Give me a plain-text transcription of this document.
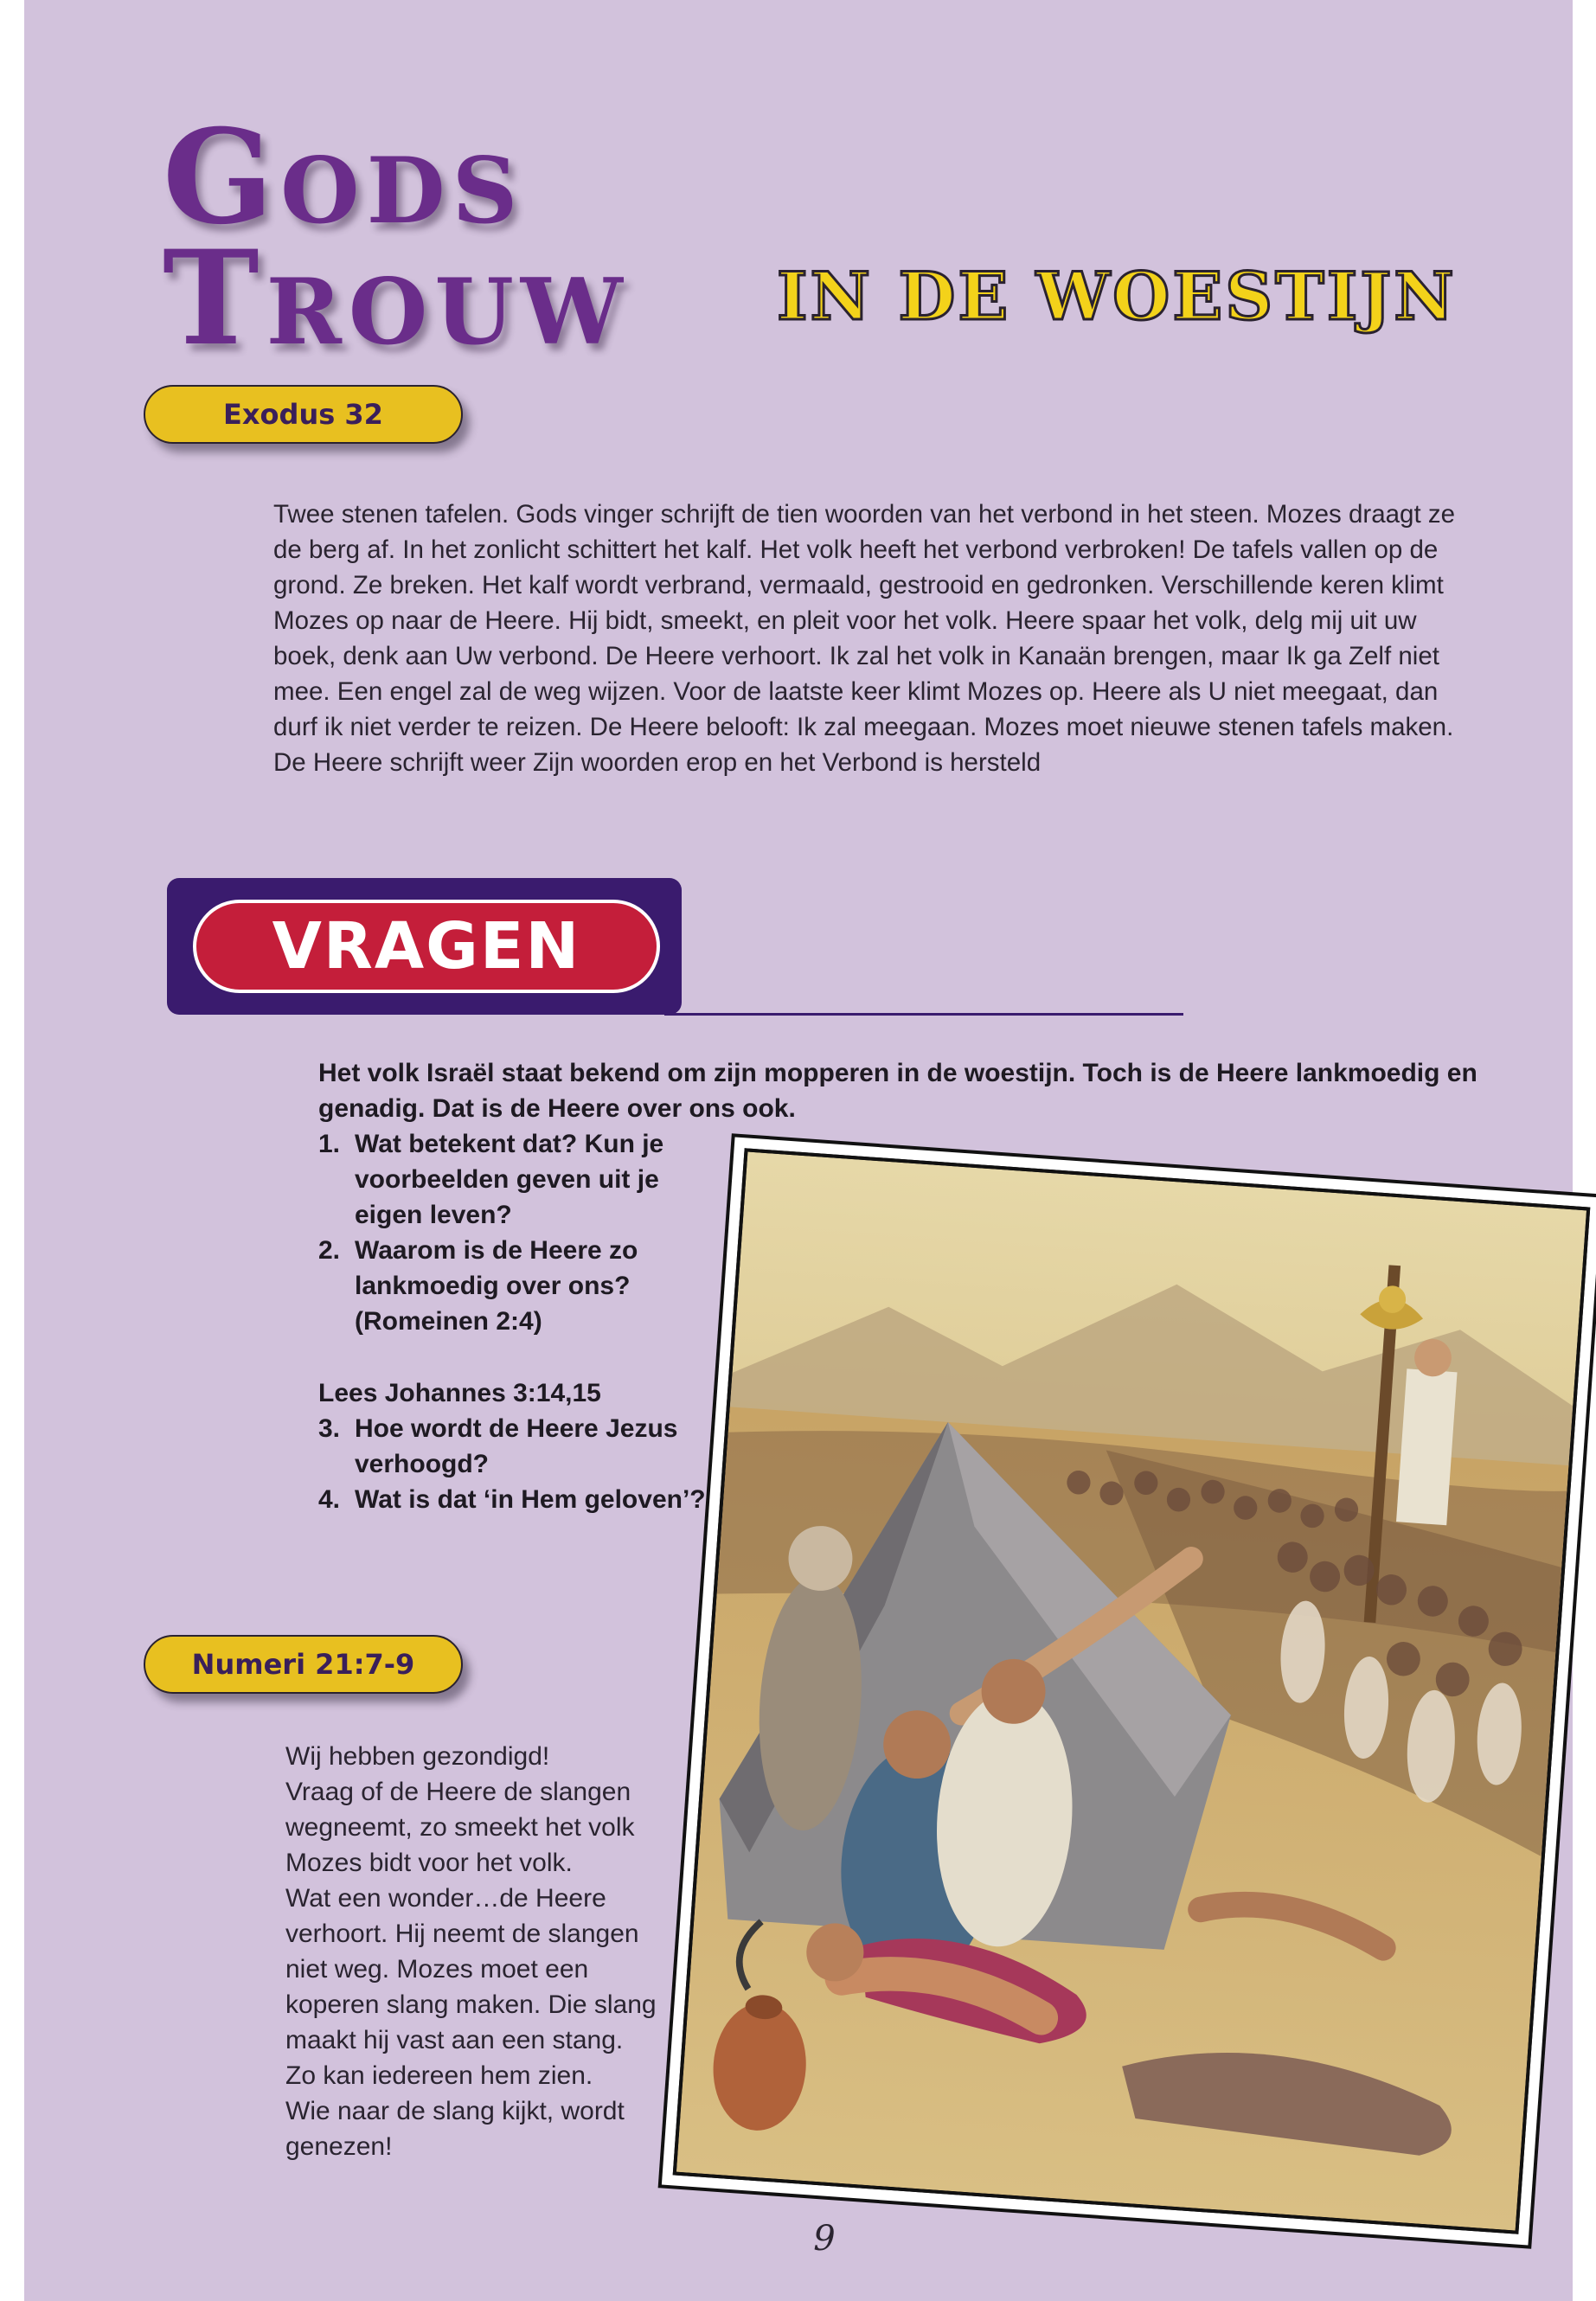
Gods
Trouw IN DE WOESTIJN
Exodus 32
Twee stenen tafelen. Gods vinger schrijft de tien woorden van het verbond in het steen. Mozes draagt ze de berg af. In het zonlicht schittert het kalf. Het volk heeft het verbond verbroken! De tafels vallen op de grond. Ze breken. Het kalf wordt verbrand, vermaald, gestrooid en gedronken. Verschillende keren klimt Mozes op naar de Heere. Hij bidt, smeekt, en pleit voor het volk. Heere spaar het volk, delg mij uit uw boek, denk aan Uw verbond. De Heere verhoort. Ik zal het volk in Kanaän brengen, maar Ik ga Zelf niet mee. Een engel zal de weg wijzen. Voor de laatste keer klimt Mozes op. Heere als U niet meegaat, dan durf ik niet verder te reizen. De Heere belooft: Ik zal meegaan. Mozes moet nieuwe stenen tafels maken. De Heere schrijft weer Zijn woorden erop en het Verbond is hersteld
VRAGEN
Het volk Israël staat bekend om zijn mopperen in de woestijn. Toch is de Heere lankmoedig en genadig. Dat is de Heere over ons ook.
1. Wat betekent dat? Kun je voorbeelden geven uit je eigen leven?
2. Waarom is de Heere zo lankmoedig over ons? (Romeinen 2:4)
Lees Johannes 3:14,15
3. Hoe wordt de Heere Jezus verhoogd?
4. Wat is dat ‘in Hem geloven’?
Numeri 21:7-9
Wij hebben gezondigd!
Vraag of de Heere de slangen
wegneemt, zo smeekt het volk
Mozes bidt voor het volk.
Wat een wonder…de Heere
verhoort. Hij neemt de slangen
niet weg. Mozes moet een
koperen slang maken. Die slang
maakt hij vast aan een stang.
Zo kan iedereen hem zien.
Wie naar de slang kijkt, wordt
genezen!
9
